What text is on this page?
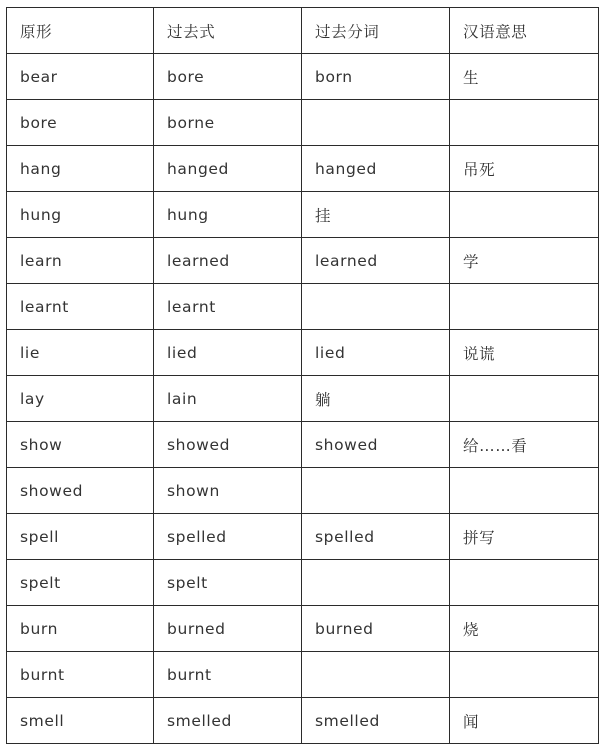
原形	过去式	过去分词	汉语意思
bear	bore	born	生
bore	borne		
hang	hanged	hanged	吊死
hung	hung	挂	
learn	learned	learned	学
learnt	learnt		
lie	lied	lied	说谎
lay	lain	躺	
show	showed	showed	给……看
showed	shown		
spell	spelled	spelled	拼写
spelt	spelt		
burn	burned	burned	烧
burnt	burnt		
smell	smelled	smelled	闻
